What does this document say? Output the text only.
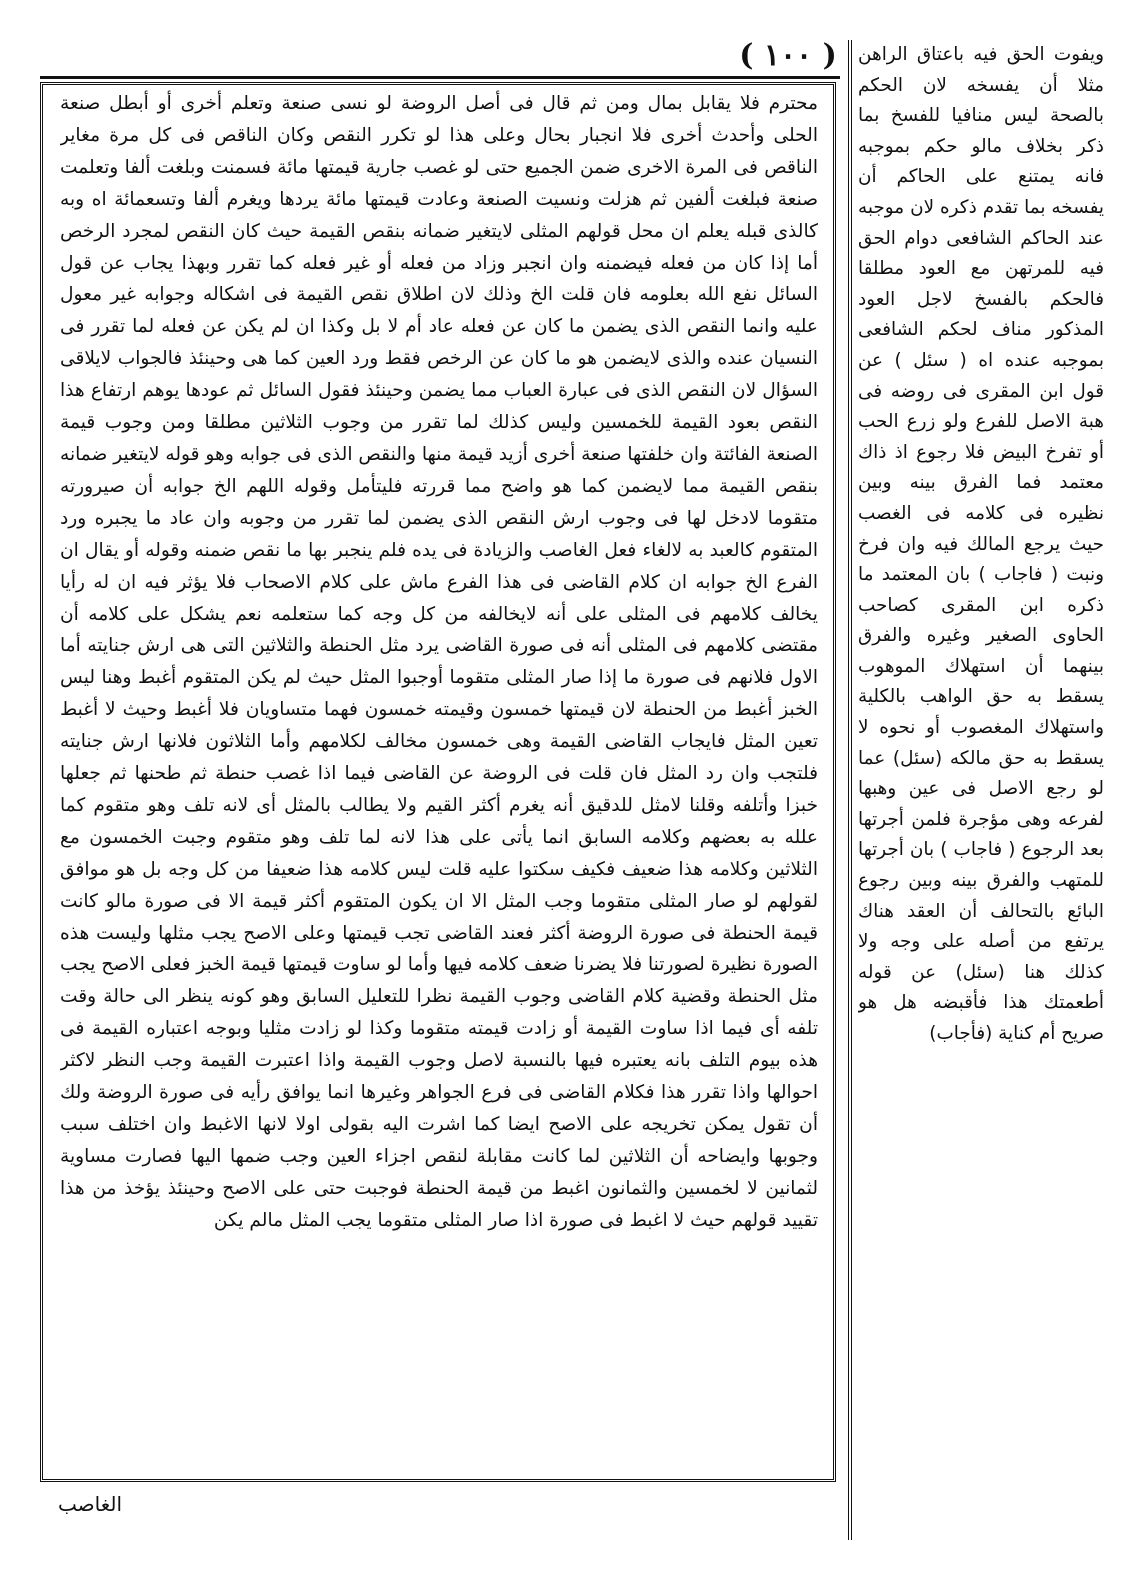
( ١٠٠ )
محترم فلا يقابل بمال ومن ثم قال فى أصل الروضة لو نسى صنعة وتعلم أخرى أو أبطل صنعة الحلى وأحدث أخرى فلا انجبار بحال وعلى هذا لو تكرر النقص وكان الناقص فى كل مرة مغاير الناقص فى المرة الاخرى ضمن الجميع حتى لو غصب جارية قيمتها مائة فسمنت وبلغت ألفا وتعلمت صنعة فبلغت ألفين ثم هزلت ونسيت الصنعة وعادت قيمتها مائة يردها ويغرم ألفا وتسعمائة اه وبه كالذى قبله يعلم ان محل قولهم المثلى لايتغير ضمانه بنقص القيمة حيث كان النقص لمجرد الرخص أما إذا كان من فعله فيضمنه وان انجبر وزاد من فعله أو غير فعله كما تقرر وبهذا يجاب عن قول السائل نفع الله بعلومه فان قلت الخ وذلك لان اطلاق نقص القيمة فى اشكاله وجوابه غير معول عليه وانما النقص الذى يضمن ما كان عن فعله عاد أم لا بل وكذا ان لم يكن عن فعله لما تقرر فى النسيان عنده والذى لايضمن هو ما كان عن الرخص فقط ورد العين كما هى وحينئذ فالجواب لايلاقى السؤال لان النقص الذى فى عبارة العباب مما يضمن وحينئذ فقول السائل ثم عودها يوهم ارتفاع هذا النقص بعود القيمة للخمسين وليس كذلك لما تقرر من وجوب الثلاثين مطلقا ومن وجوب قيمة الصنعة الفائتة وان خلفتها صنعة أخرى أزيد قيمة منها والنقص الذى فى جوابه وهو قوله لايتغير ضمانه بنقص القيمة مما لايضمن كما هو واضح مما قررته فليتأمل وقوله اللهم الخ جوابه أن صيرورته متقوما لادخل لها فى وجوب ارش النقص الذى يضمن لما تقرر من وجوبه وان عاد ما يجبره ورد المتقوم كالعبد به لالغاء فعل الغاصب والزيادة فى يده فلم ينجبر بها ما نقص ضمنه وقوله أو يقال ان الفرع الخ جوابه ان كلام القاضى فى هذا الفرع ماش على كلام الاصحاب فلا يؤثر فيه ان له رأيا يخالف كلامهم فى المثلى على أنه لايخالفه من كل وجه كما ستعلمه نعم يشكل على كلامه أن مقتضى كلامهم فى المثلى أنه فى صورة القاضى يرد مثل الحنطة والثلاثين التى هى ارش جنايته أما الاول فلانهم فى صورة ما إذا صار المثلى متقوما أوجبوا المثل حيث لم يكن المتقوم أغبط وهنا ليس الخبز أغبط من الحنطة لان قيمتها خمسون وقيمته خمسون فهما متساويان فلا أغبط وحيث لا أغبط تعين المثل فايجاب القاضى القيمة وهى خمسون مخالف لكلامهم وأما الثلاثون فلانها ارش جنايته فلتجب وان رد المثل فان قلت فى الروضة عن القاضى فيما اذا غصب حنطة ثم طحنها ثم جعلها خبزا وأتلفه وقلنا لامثل للدقيق أنه يغرم أكثر القيم ولا يطالب بالمثل أى لانه تلف وهو متقوم كما علله به بعضهم وكلامه السابق انما يأتى على هذا لانه لما تلف وهو متقوم وجبت الخمسون مع الثلاثين وكلامه هذا ضعيف فكيف سكتوا عليه قلت ليس كلامه هذا ضعيفا من كل وجه بل هو موافق لقولهم لو صار المثلى متقوما وجب المثل الا ان يكون المتقوم أكثر قيمة الا فى صورة مالو كانت قيمة الحنطة فى صورة الروضة أكثر فعند القاضى تجب قيمتها وعلى الاصح يجب مثلها وليست هذه الصورة نظيرة لصورتنا فلا يضرنا ضعف كلامه فيها وأما لو ساوت قيمتها قيمة الخبز فعلى الاصح يجب مثل الحنطة وقضية كلام القاضى وجوب القيمة نظرا للتعليل السابق وهو كونه ينظر الى حالة وقت تلفه أى فيما اذا ساوت القيمة أو زادت قيمته متقوما وكذا لو زادت مثليا وبوجه اعتباره القيمة فى هذه بيوم التلف بانه يعتبره فيها بالنسبة لاصل وجوب القيمة واذا اعتبرت القيمة وجب النظر لاكثر احوالها واذا تقرر هذا فكلام القاضى فى فرع الجواهر وغيرها انما يوافق رأيه فى صورة الروضة ولك أن تقول يمكن تخريجه على الاصح ايضا كما اشرت اليه بقولى اولا لانها الاغبط وان اختلف سبب وجوبها وايضاحه أن الثلاثين لما كانت مقابلة لنقص اجزاء العين وجب ضمها اليها فصارت مساوية لثمانين لا لخمسين والثمانون اغبط من قيمة الحنطة فوجبت حتى على الاصح وحينئذ يؤخذ من هذا تقييد قولهم حيث لا اغبط فى صورة اذا صار المثلى متقوما يجب المثل مالم يكن
ويفوت الحق فيه باعتاق الراهن مثلا أن يفسخه لان الحكم بالصحة ليس منافيا للفسخ بما ذكر بخلاف مالو حكم بموجبه فانه يمتنع على الحاكم أن يفسخه بما تقدم ذكره لان موجبه عند الحاكم الشافعى دوام الحق فيه للمرتهن مع العود مطلقا فالحكم بالفسخ لاجل العود المذكور مناف لحكم الشافعى بموجبه عنده اه ( سئل ) عن قول ابن المقرى فى روضه فى هبة الاصل للفرع ولو زرع الحب أو تفرخ البيض فلا رجوع اذ ذاك معتمد فما الفرق بينه وبين نظيره فى كلامه فى الغصب حيث يرجع المالك فيه وان فرخ ونبت ( فاجاب ) بان المعتمد ما ذكره ابن المقرى كصاحب الحاوى الصغير وغيره والفرق بينهما أن استهلاك الموهوب يسقط به حق الواهب بالكلية واستهلاك المغصوب أو نحوه لا يسقط به حق مالكه (سئل) عما لو رجع الاصل فى عين وهبها لفرعه وهى مؤجرة فلمن أجرتها بعد الرجوع ( فاجاب ) بان أجرتها للمتهب والفرق بينه وبين رجوع البائع بالتحالف أن العقد هناك يرتفع من أصله على وجه ولا كذلك هنا (سئل) عن قوله أطعمتك هذا فأقبضه هل هو صريح أم كناية (فأجاب)
الغاصب
